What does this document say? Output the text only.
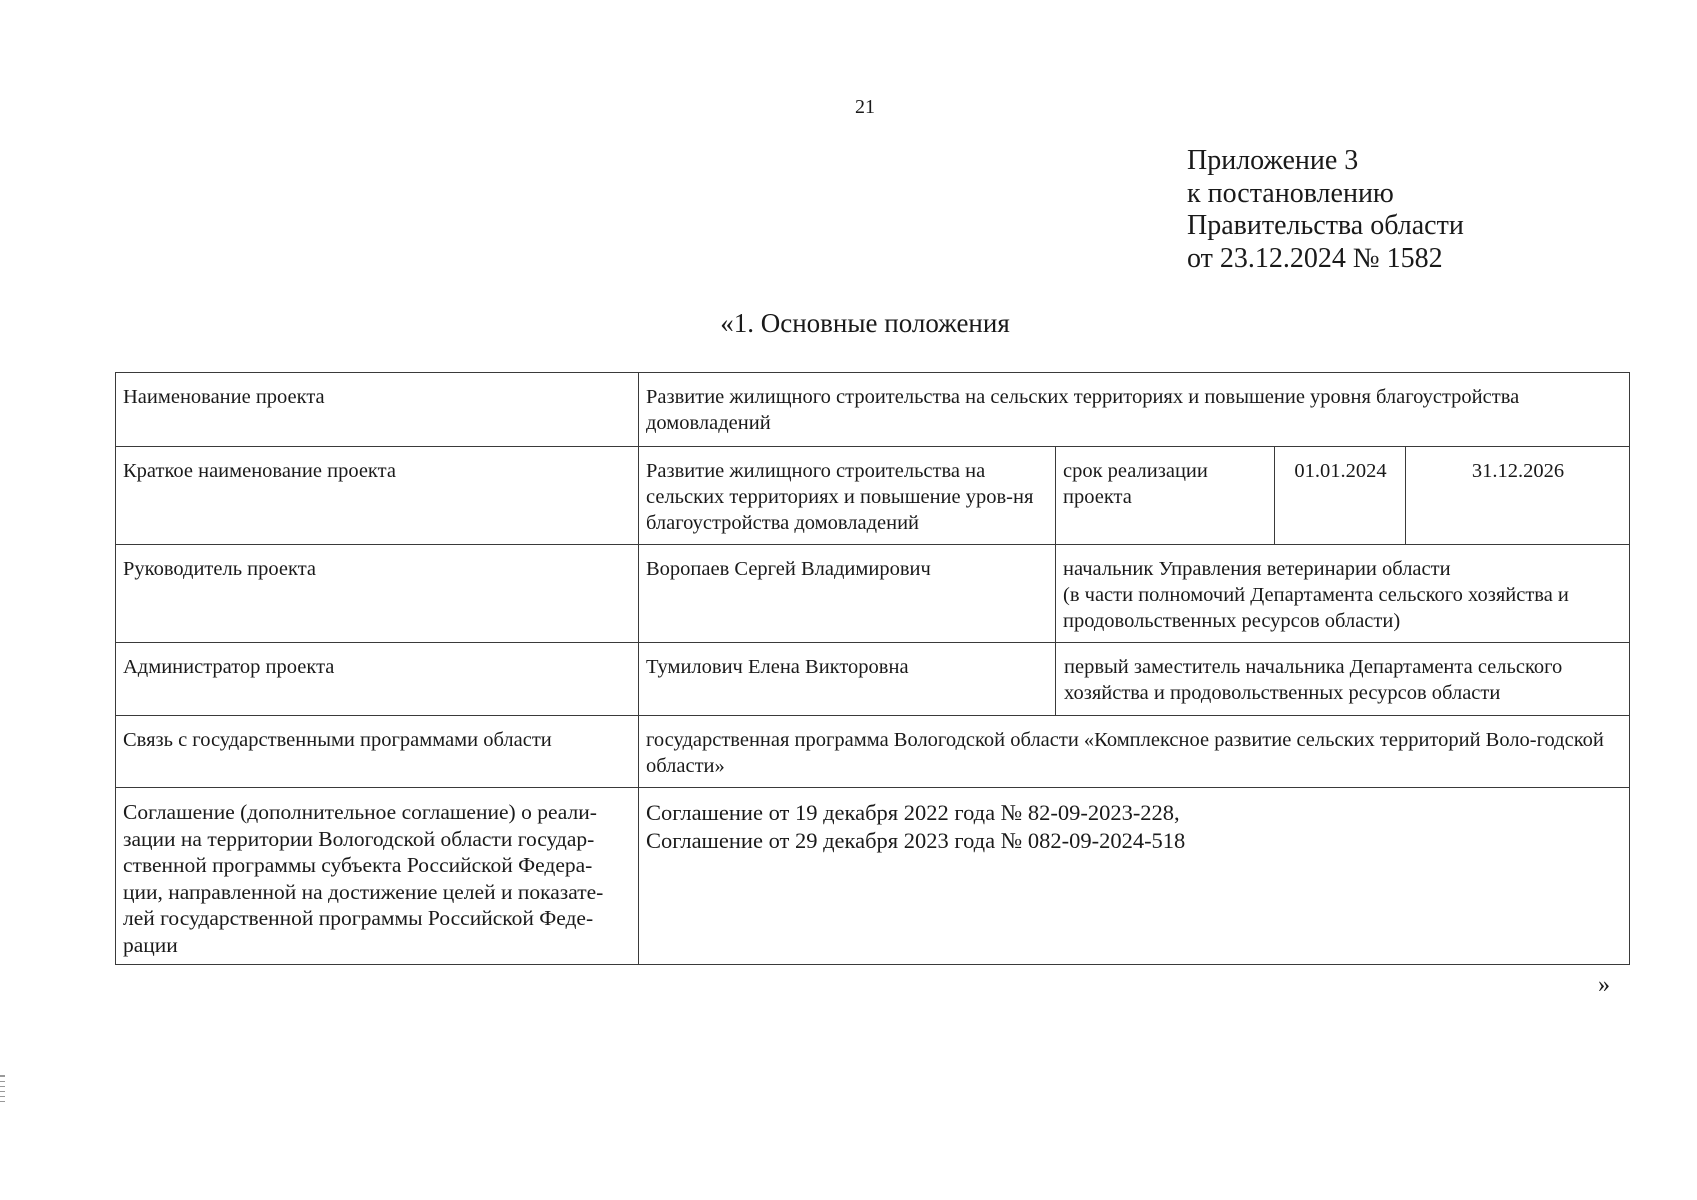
21
Приложение 3
к постановлению
Правительства области
от 23.12.2024 № 1582
«1. Основные положения
Наименование проекта	Развитие жилищного строительства на сельских территориях и повышение уровня благоустройства домовладений			
Краткое наименование проекта	Развитие жилищного строительства на сельских территориях и повышение уров-ня благоустройства домовладений	срок реализации проекта	01.01.2024	31.12.2026
Руководитель проекта	Воропаев Сергей Владимирович	начальник Управления ветеринарии области
(в части полномочий Департамента сельского хозяйства и продовольственных ресурсов области)		

Администратор проекта	Тумилович Елена Викторовна	первый заместитель начальника Департамента сельского хозяйства и продовольственных ресурсов области		
Связь с государственными программами области	государственная программа Вологодской области «Комплексное развитие сельских территорий Воло-годской области»			
Соглашение (дополнительное соглашение) о реали-зации на территории Вологодской области государ-ственной программы субъекта Российской Федера-ции, направленной на достижение целей и показате-лей государственной программы Российской Феде-рации	Соглашение от 19 декабря 2022 года № 82-09-2023-228,
Соглашение от 29 декабря 2023 года № 082-09-2024-518			
»
